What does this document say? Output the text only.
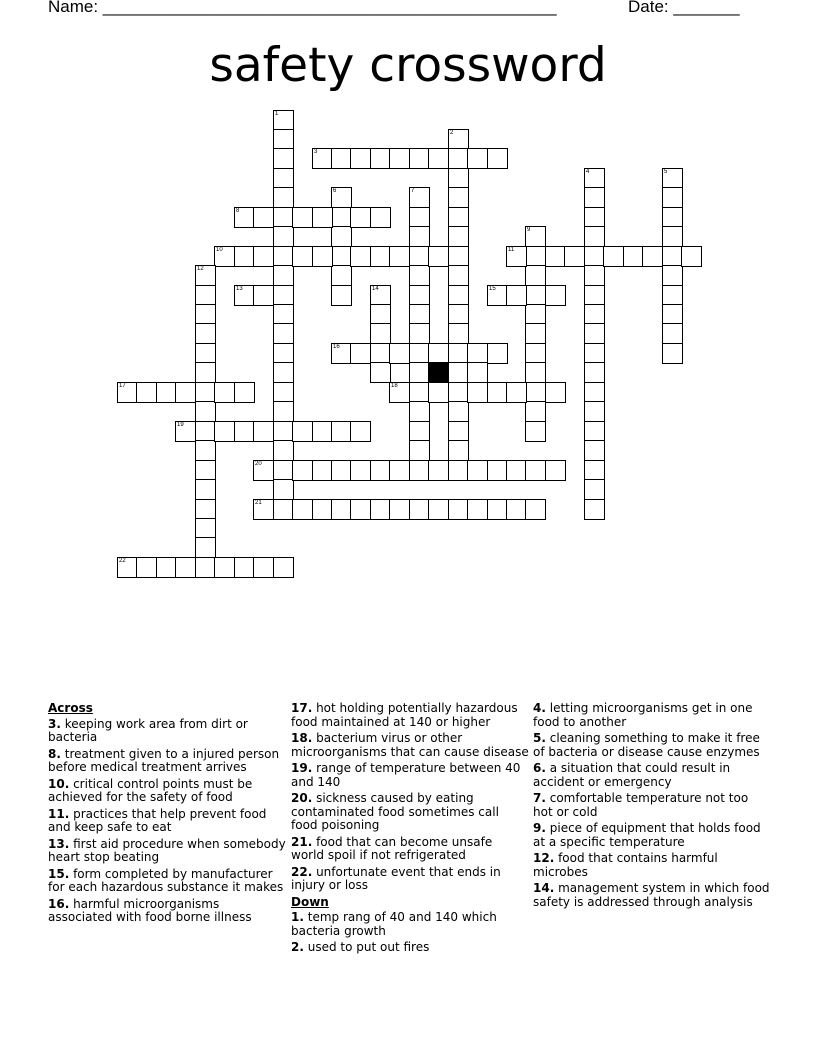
Name: ________________________________________________	Date: _______
safety crossword
1
2
3
4	5
6	7
8
9
10	11
12
13	14	15
16
17	18
19
20
21
22
Across
3. keeping work area from dirt or bacteria
8. treatment given to a injured person before medical treatment arrives
10. critical control points must be achieved for the safety of food
11. practices that help prevent food and keep safe to eat
13. first aid procedure when somebody heart stop beating
15. form completed by manufacturer for each hazardous substance it makes
16. harmful microorganisms associated with food borne illness
17. hot holding potentially hazardous food maintained at 140 or higher
18. bacterium virus or other microorganisms that can cause disease
19. range of temperature between 40 and 140
20. sickness caused by eating contaminated food sometimes call food poisoning
21. food that can become unsafe world spoil if not refrigerated
22. unfortunate event that ends in injury or loss
Down
1. temp rang of 40 and 140 which bacteria growth
2. used to put out fires
4. letting microorganisms get in one food to another
5. cleaning something to make it free of bacteria or disease cause enzymes
6. a situation that could result in accident or emergency
7. comfortable temperature not too hot or cold
9. piece of equipment that holds food at a specific temperature
12. food that contains harmful microbes
14. management system in which food safety is addressed through analysis
